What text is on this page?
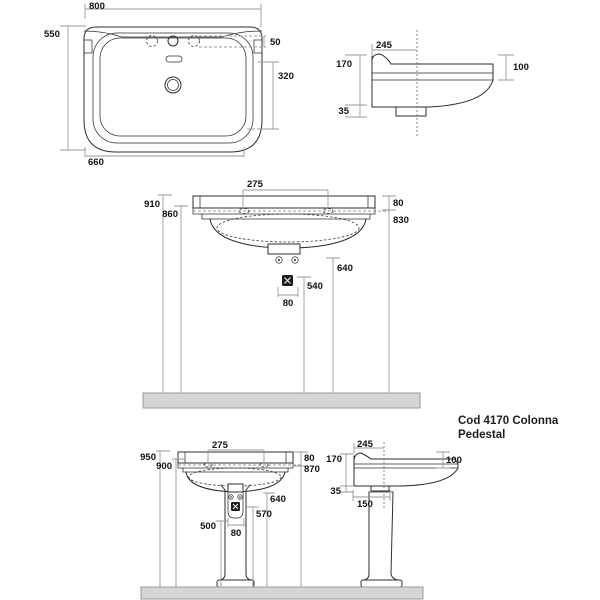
800
550
50
320
660
245
170
35
100
275
910
860
80
830
640
540
80
Cod 4170 Colonna
Pedestal
275
950
900
80
870
640
570
500
80
245
170
35
100
150
